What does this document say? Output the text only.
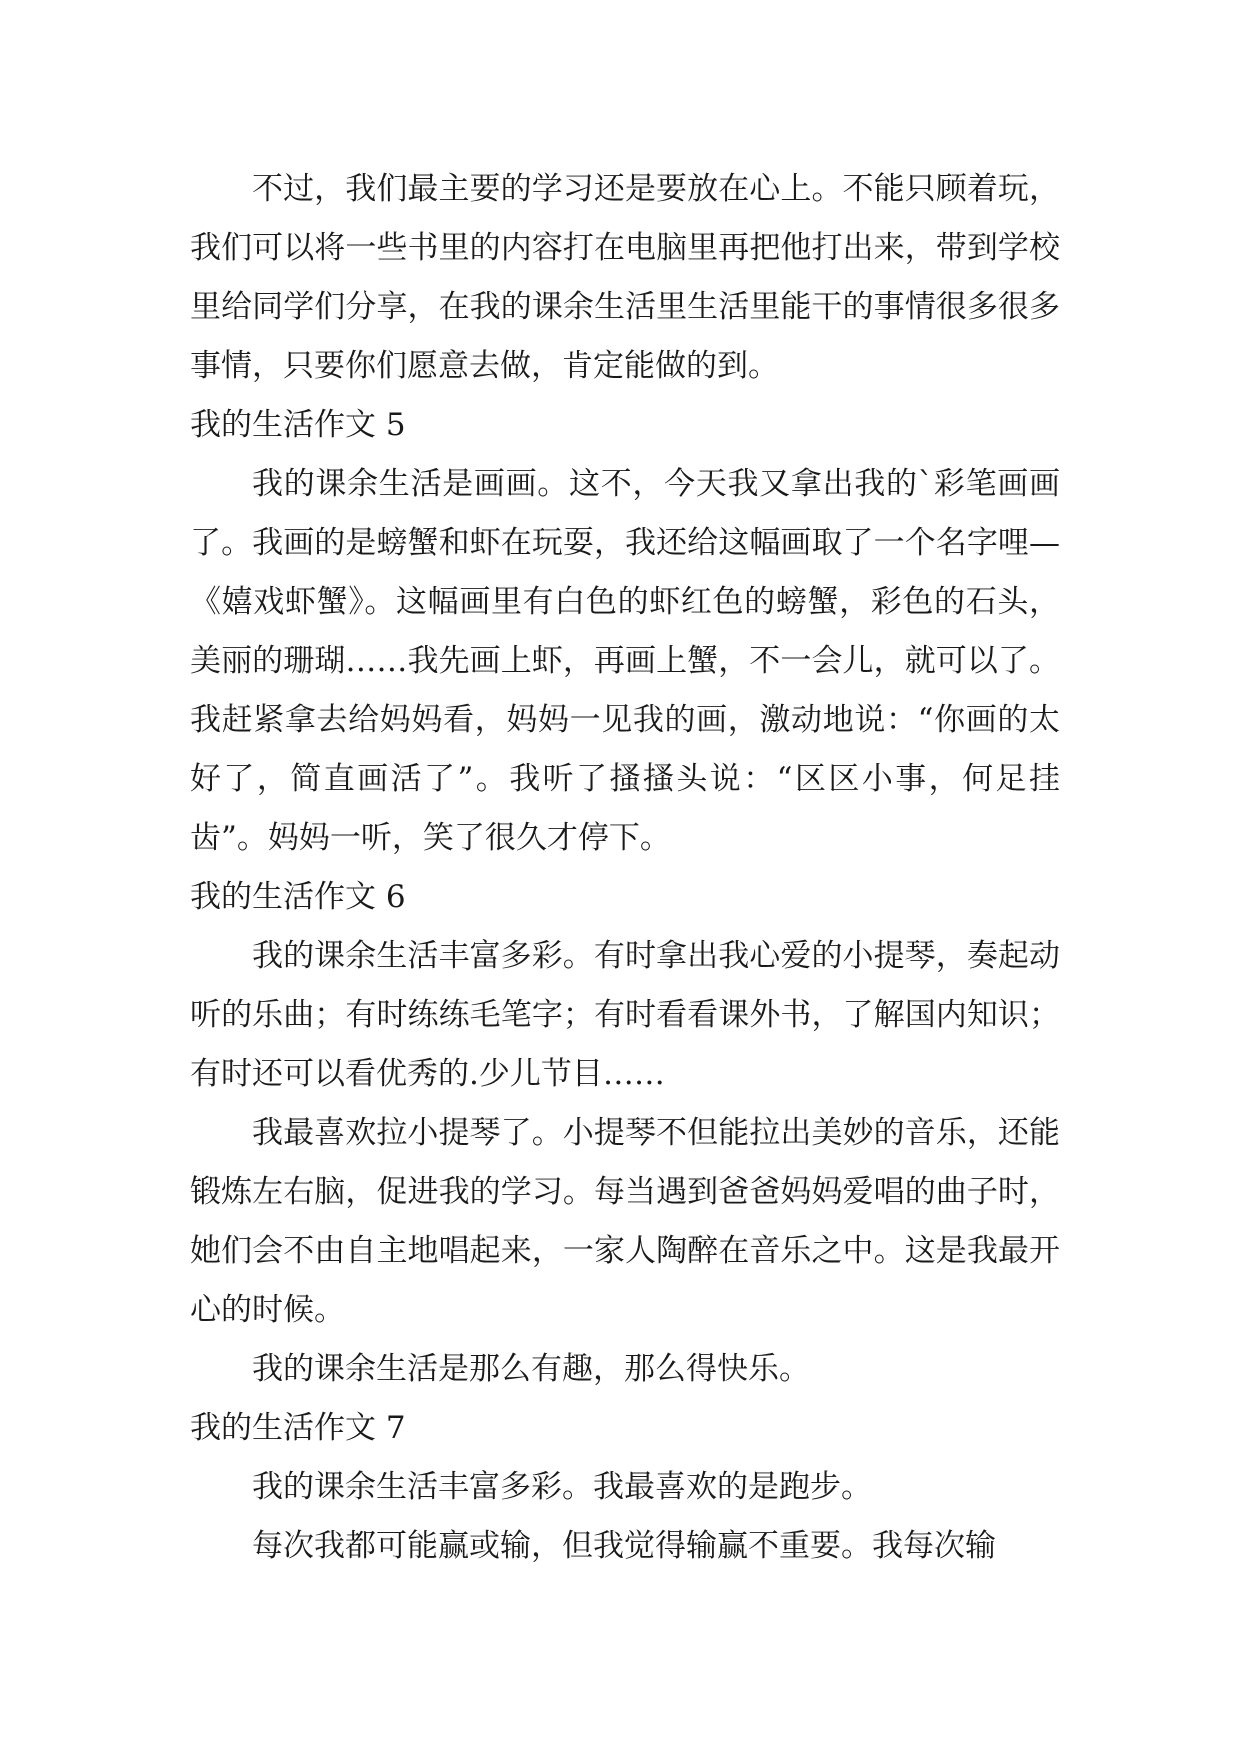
不过，我们最主要的学习还是要放在心上。不能只顾着玩，我们可以将一些书里的内容打在电脑里再把他打出来，带到学校里给同学们分享，在我的课余生活里生活里能干的事情很多很多事情，只要你们愿意去做，肯定能做的到。

我的生活作文 5

我的课余生活是画画。这不，今天我又拿出我的`彩笔画画了。我画的是螃蟹和虾在玩耍，我还给这幅画取了一个名字哩—《嬉戏虾蟹》。这幅画里有白色的虾红色的螃蟹，彩色的石头，美丽的珊瑚……我先画上虾，再画上蟹，不一会儿，就可以了。我赶紧拿去给妈妈看，妈妈一见我的画，激动地说：“你画的太好了，简直画活了”。我听了搔搔头说：“区区小事，何足挂齿”。妈妈一听，笑了很久才停下。

我的生活作文 6

我的课余生活丰富多彩。有时拿出我心爱的小提琴，奏起动听的乐曲；有时练练毛笔字；有时看看课外书，了解国内知识；有时还可以看优秀的.少儿节目……

我最喜欢拉小提琴了。小提琴不但能拉出美妙的音乐，还能锻炼左右脑，促进我的学习。每当遇到爸爸妈妈爱唱的曲子时，她们会不由自主地唱起来，一家人陶醉在音乐之中。这是我最开心的时候。

我的课余生活是那么有趣，那么得快乐。

我的生活作文 7

我的课余生活丰富多彩。我最喜欢的是跑步。

每次我都可能赢或输，但我觉得输赢不重要。我每次输
